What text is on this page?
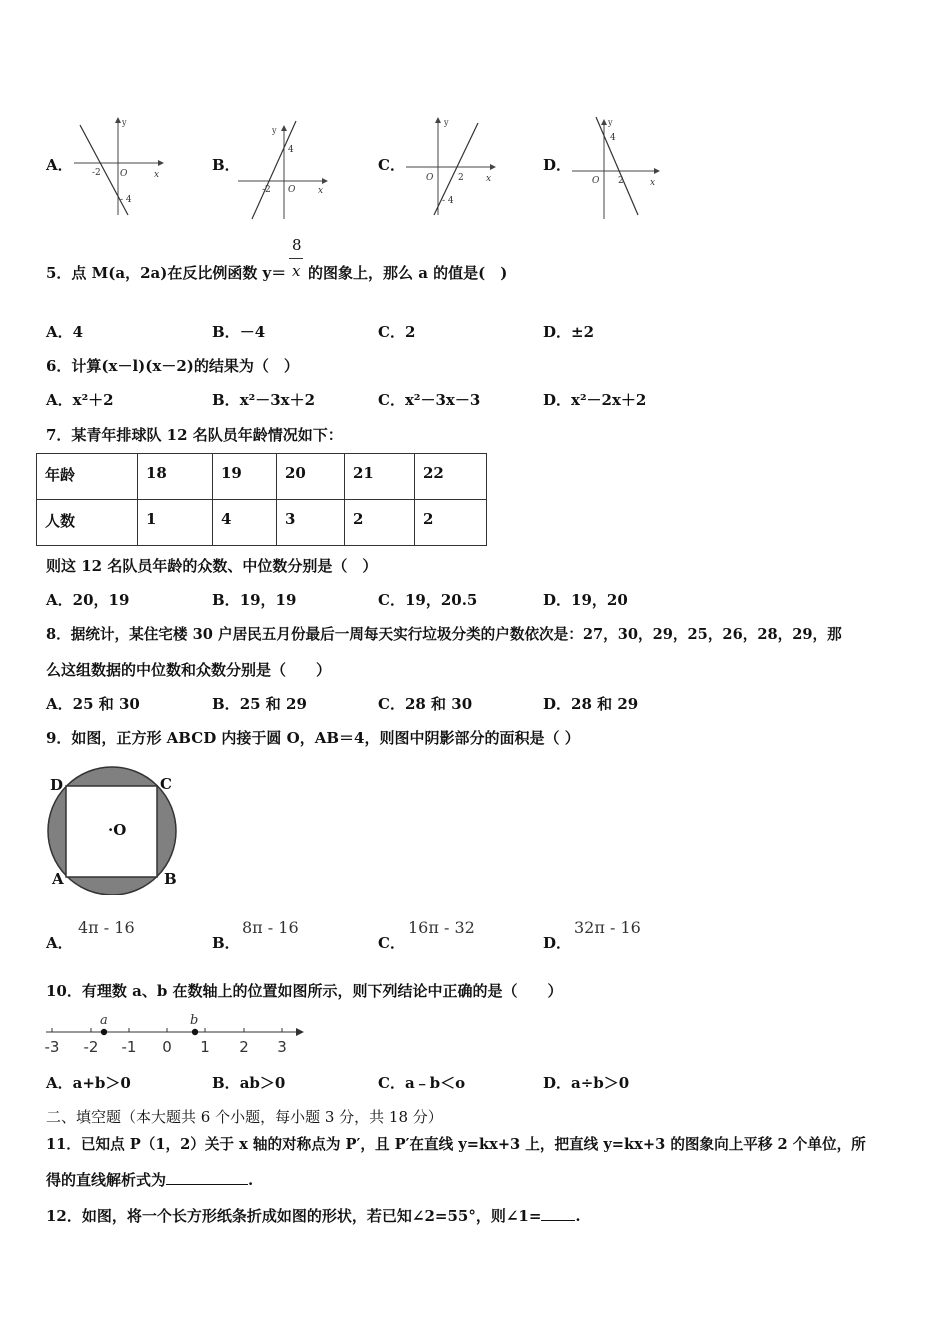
A．
y
x
O
-2
- 4
B．
y
x
O
-2
4
C．
y
x
O	2
- 4
D．
y
x
O 2
4
5．点 M(a，2a)在反比例函数 y＝
8
x 的图象上，那么 a 的值是(　)
A．4	B．－4	C．2	D．±2
6．计算(x－l)(x－2)的结果为（　）
A．x²＋2	B．x²－3x＋2	C．x²－3x－3	D．x²－2x＋2
7．某青年排球队 12 名队员年龄情况如下：
年龄	18	19	20	21	22
人数	1	4	3	2	2
则这 12 名队员年龄的众数、中位数分别是（　）
A．20，19	B．19，19	C．19，20.5	D．19，20
8．据统计，某住宅楼 30 户居民五月份最后一周每天实行垃圾分类的户数依次是：27，30，29，25，26，28，29，那
么这组数据的中位数和众数分别是（　　）
A．25 和 30	B．25 和 29	C．28 和 30	D．28 和 29
9．如图，正方形 ABCD 内接于圆 O，AB＝4，则图中阴影部分的面积是（ ）
D	C
A	B
·O
A．
4π - 16
B．
8π - 16
C．
16π - 32
D．
32π - 16
10．有理数 a、b 在数轴上的位置如图所示，则下列结论中正确的是（　　）
a	b
-3 -2 -1 0 1 2 3
A．a+b＞0	B．ab＞0	C．a﹣b＜o	D．a÷b＞0
二、填空题（本大题共 6 个小题，每小题 3 分，共 18 分）
11．已知点 P（1，2）关于 x 轴的对称点为 P′，且 P′在直线 y=kx+3 上，把直线 y=kx+3 的图象向上平移 2 个单位，所
得的直线解析式为	.
12．如图，将一个长方形纸条折成如图的形状，若已知∠2=55°，则∠1= .
